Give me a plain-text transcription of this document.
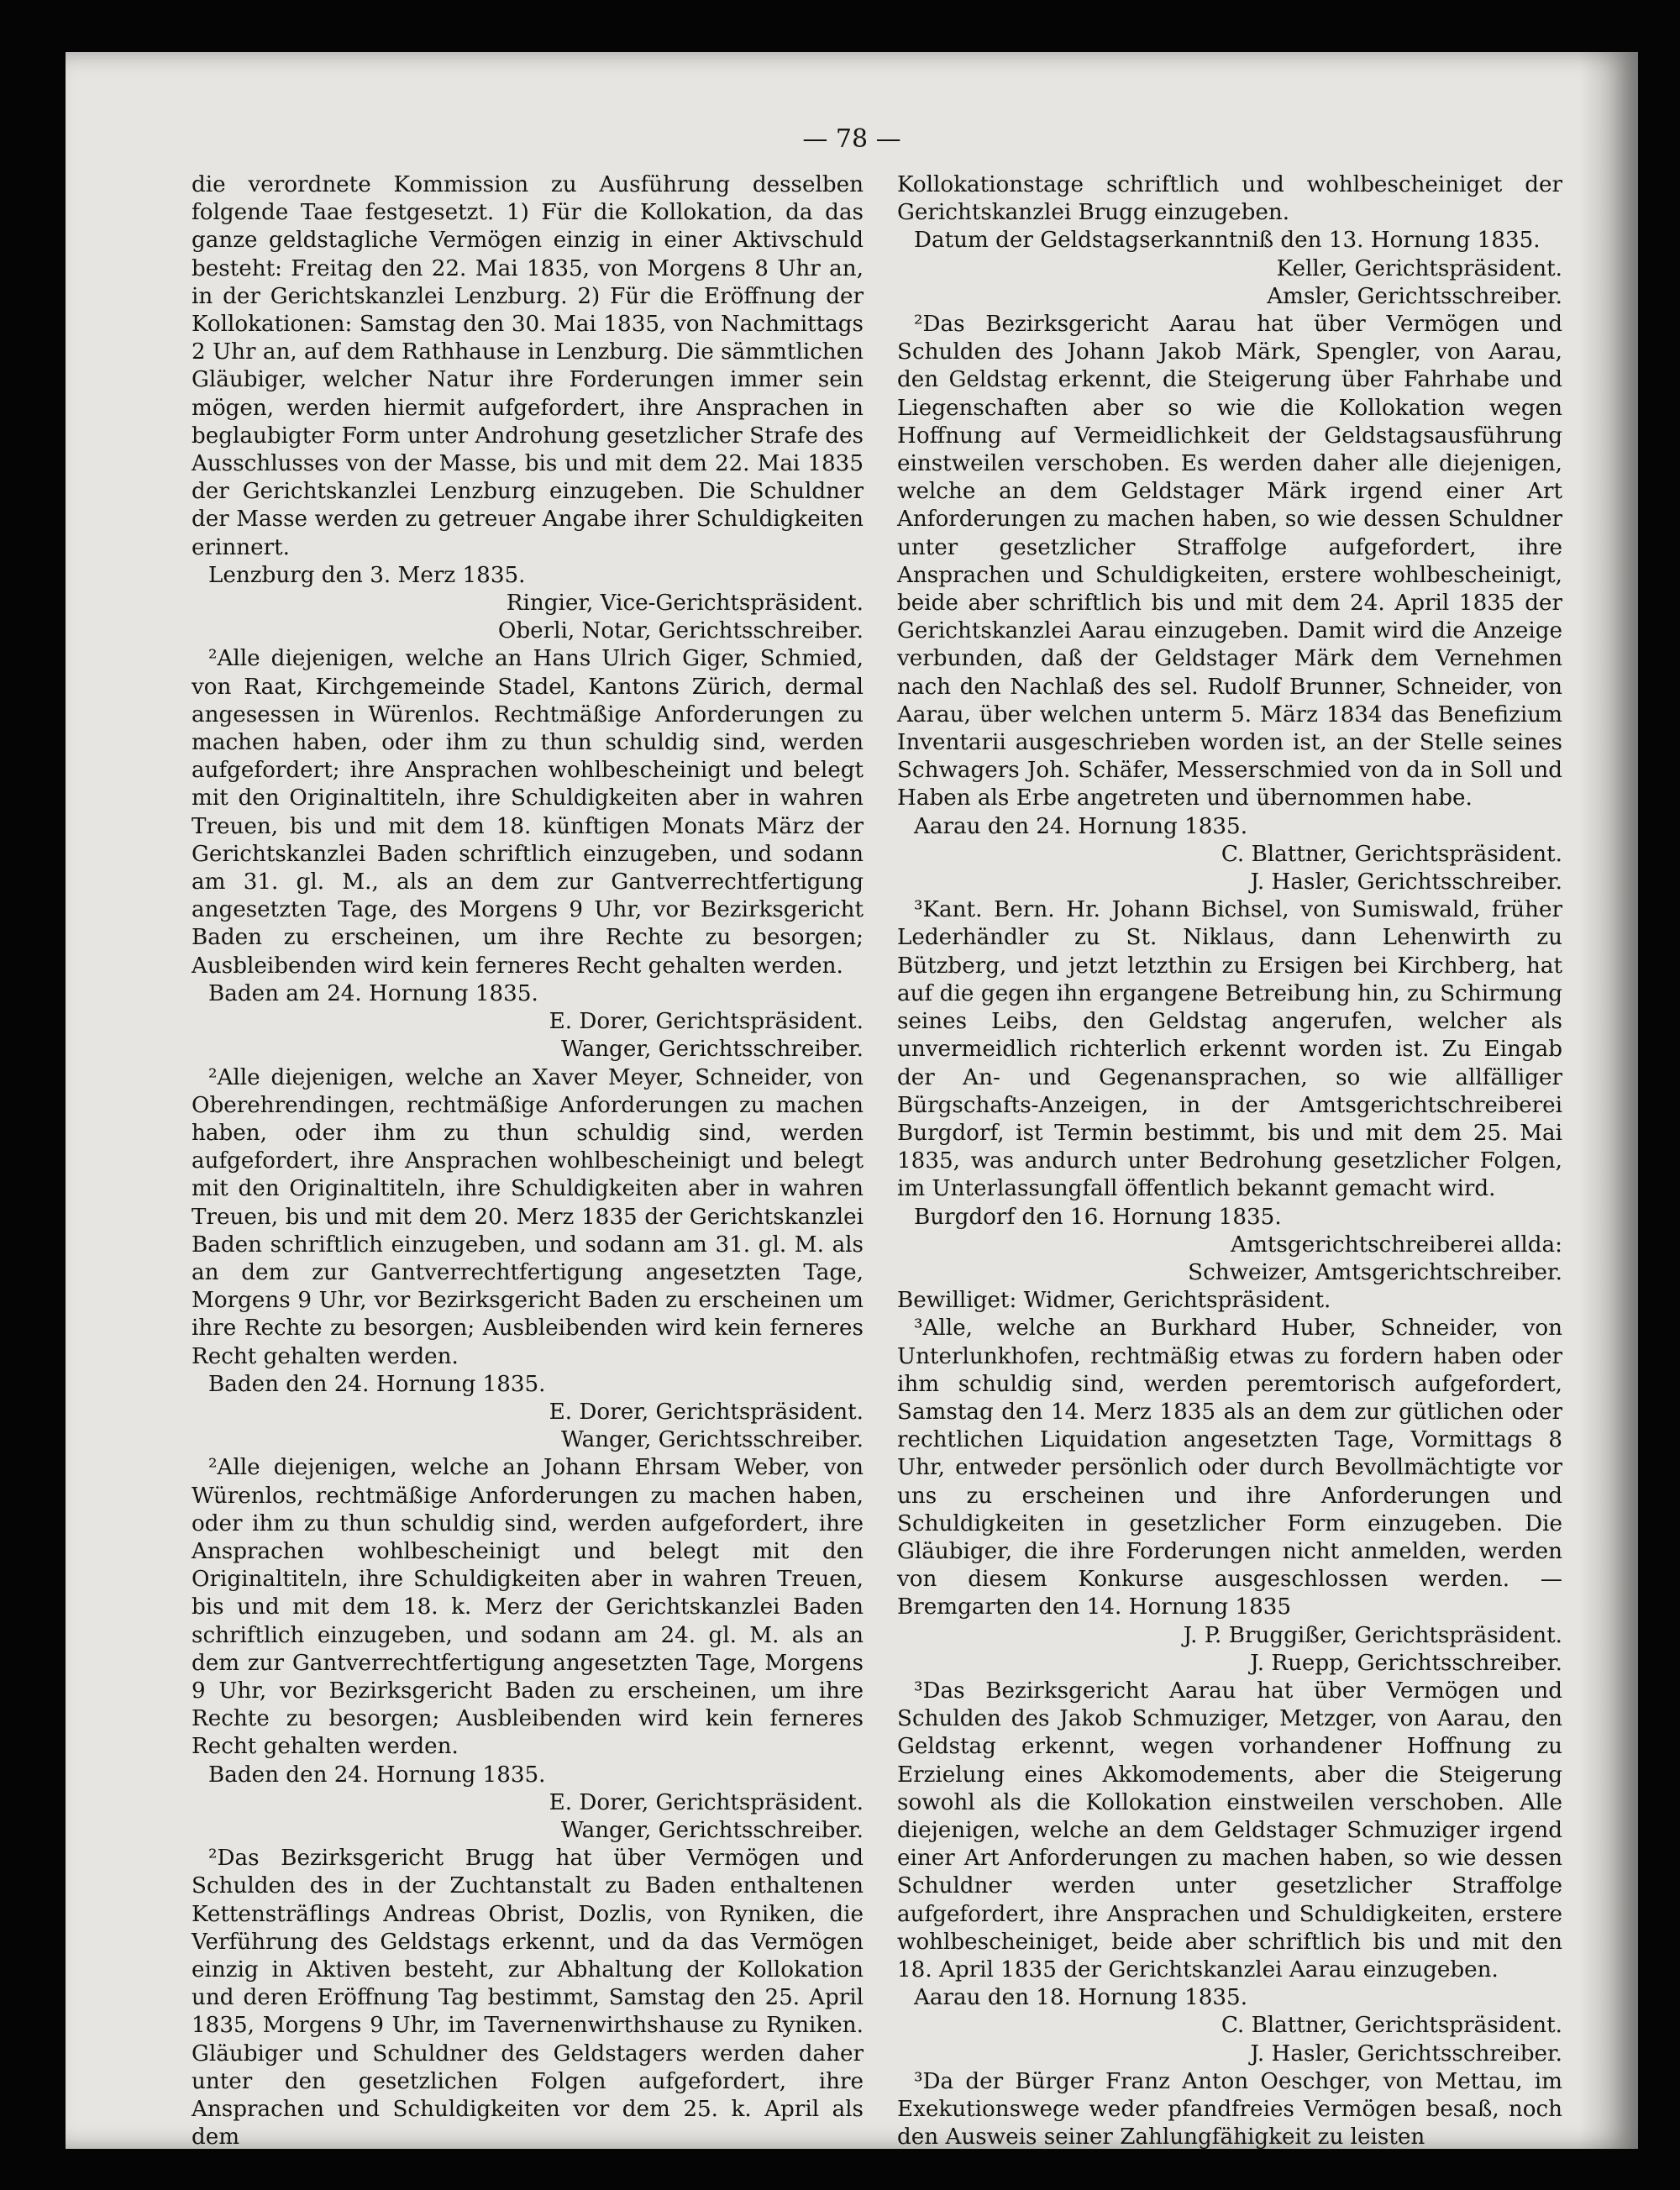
— 78 —
die verordnete Kommission zu Ausführung desselben folgende Taae festgesetzt. 1) Für die Kollokation, da das ganze geldstagliche Vermögen einzig in einer Aktivschuld besteht: Freitag den 22. Mai 1835, von Morgens 8 Uhr an, in der Gerichtskanzlei Lenzburg. 2) Für die Eröffnung der Kollokationen: Samstag den 30. Mai 1835, von Nachmittags 2 Uhr an, auf dem Rathhause in Lenzburg. Die sämmtlichen Gläubiger, welcher Natur ihre Forderungen immer sein mögen, werden hiermit aufgefordert, ihre Ansprachen in beglaubigter Form unter Androhung gesetzlicher Strafe des Ausschlusses von der Masse, bis und mit dem 22. Mai 1835 der Gerichtskanzlei Lenzburg einzugeben. Die Schuldner der Masse werden zu getreuer Angabe ihrer Schuldigkeiten erinnert.
Lenzburg den 3. Merz 1835.
Ringier, Vice-Gerichtspräsident.
Oberli, Notar, Gerichtsschreiber.
²Alle diejenigen, welche an Hans Ulrich Giger, Schmied, von Raat, Kirchgemeinde Stadel, Kantons Zürich, dermal angesessen in Würenlos. Rechtmäßige Anforderungen zu machen haben, oder ihm zu thun schuldig sind, werden aufgefordert; ihre Ansprachen wohlbescheinigt und belegt mit den Originaltiteln, ihre Schuldigkeiten aber in wahren Treuen, bis und mit dem 18. künftigen Monats März der Gerichtskanzlei Baden schriftlich einzugeben, und sodann am 31. gl. M., als an dem zur Gantverrechtfertigung angesetzten Tage, des Morgens 9 Uhr, vor Bezirksgericht Baden zu erscheinen, um ihre Rechte zu besorgen; Ausbleibenden wird kein ferneres Recht gehalten werden.
Baden am 24. Hornung 1835.
E. Dorer, Gerichtspräsident.
Wanger, Gerichtsschreiber.
²Alle diejenigen, welche an Xaver Meyer, Schneider, von Oberehrendingen, rechtmäßige Anforderungen zu machen haben, oder ihm zu thun schuldig sind, werden aufgefordert, ihre Ansprachen wohlbescheinigt und belegt mit den Originaltiteln, ihre Schuldigkeiten aber in wahren Treuen, bis und mit dem 20. Merz 1835 der Gerichtskanzlei Baden schriftlich einzugeben, und sodann am 31. gl. M. als an dem zur Gantverrechtfertigung angesetzten Tage, Morgens 9 Uhr, vor Bezirksgericht Baden zu erscheinen um ihre Rechte zu besorgen; Ausbleibenden wird kein ferneres Recht gehalten werden.
Baden den 24. Hornung 1835.
E. Dorer, Gerichtspräsident.
Wanger, Gerichtsschreiber.
²Alle diejenigen, welche an Johann Ehrsam Weber, von Würenlos, rechtmäßige Anforderungen zu machen haben, oder ihm zu thun schuldig sind, werden aufgefordert, ihre Ansprachen wohlbescheinigt und belegt mit den Originaltiteln, ihre Schuldigkeiten aber in wahren Treuen, bis und mit dem 18. k. Merz der Gerichtskanzlei Baden schriftlich einzugeben, und sodann am 24. gl. M. als an dem zur Gantverrechtfertigung angesetzten Tage, Morgens 9 Uhr, vor Bezirksgericht Baden zu erscheinen, um ihre Rechte zu besorgen; Ausbleibenden wird kein ferneres Recht gehalten werden.
Baden den 24. Hornung 1835.
E. Dorer, Gerichtspräsident.
Wanger, Gerichtsschreiber.
²Das Bezirksgericht Brugg hat über Vermögen und Schulden des in der Zuchtanstalt zu Baden enthaltenen Kettensträflings Andreas Obrist, Dozlis, von Ryniken, die Verführung des Geldstags erkennt, und da das Vermögen einzig in Aktiven besteht, zur Abhaltung der Kollokation und deren Eröffnung Tag bestimmt, Samstag den 25. April 1835, Morgens 9 Uhr, im Tavernenwirthshause zu Ryniken. Gläubiger und Schuldner des Geldstagers werden daher unter den gesetzlichen Folgen aufgefordert, ihre Ansprachen und Schuldigkeiten vor dem 25. k. April als dem
Kollokationstage schriftlich und wohlbescheiniget der Gerichtskanzlei Brugg einzugeben.
Datum der Geldstagserkanntniß den 13. Hornung 1835.
Keller, Gerichtspräsident.
Amsler, Gerichtsschreiber.
²Das Bezirksgericht Aarau hat über Vermögen und Schulden des Johann Jakob Märk, Spengler, von Aarau, den Geldstag erkennt, die Steigerung über Fahrhabe und Liegenschaften aber so wie die Kollokation wegen Hoffnung auf Vermeidlichkeit der Geldstagsausführung einstweilen verschoben. Es werden daher alle diejenigen, welche an dem Geldstager Märk irgend einer Art Anforderungen zu machen haben, so wie dessen Schuldner unter gesetzlicher Straffolge aufgefordert, ihre Ansprachen und Schuldigkeiten, erstere wohlbescheinigt, beide aber schriftlich bis und mit dem 24. April 1835 der Gerichtskanzlei Aarau einzugeben. Damit wird die Anzeige verbunden, daß der Geldstager Märk dem Vernehmen nach den Nachlaß des sel. Rudolf Brunner, Schneider, von Aarau, über welchen unterm 5. März 1834 das Benefizium Inventarii ausgeschrieben worden ist, an der Stelle seines Schwagers Joh. Schäfer, Messerschmied von da in Soll und Haben als Erbe angetreten und übernommen habe.
Aarau den 24. Hornung 1835.
C. Blattner, Gerichtspräsident.
J. Hasler, Gerichtsschreiber.
³Kant. Bern. Hr. Johann Bichsel, von Sumiswald, früher Lederhändler zu St. Niklaus, dann Lehenwirth zu Bützberg, und jetzt letzthin zu Ersigen bei Kirchberg, hat auf die gegen ihn ergangene Betreibung hin, zu Schirmung seines Leibs, den Geldstag angerufen, welcher als unvermeidlich richterlich erkennt worden ist. Zu Eingab der An- und Gegenansprachen, so wie allfälliger Bürgschafts-Anzeigen, in der Amtsgerichtschreiberei Burgdorf, ist Termin bestimmt, bis und mit dem 25. Mai 1835, was andurch unter Bedrohung gesetzlicher Folgen, im Unterlassungfall öffentlich bekannt gemacht wird.
Burgdorf den 16. Hornung 1835.
Amtsgerichtschreiberei allda:
Schweizer, Amtsgerichtschreiber.
Bewilliget: Widmer, Gerichtspräsident.
³Alle, welche an Burkhard Huber, Schneider, von Unterlunkhofen, rechtmäßig etwas zu fordern haben oder ihm schuldig sind, werden peremtorisch aufgefordert, Samstag den 14. Merz 1835 als an dem zur gütlichen oder rechtlichen Liquidation angesetzten Tage, Vormittags 8 Uhr, entweder persönlich oder durch Bevollmächtigte vor uns zu erscheinen und ihre Anforderungen und Schuldigkeiten in gesetzlicher Form einzugeben. Die Gläubiger, die ihre Forderungen nicht anmelden, werden von diesem Konkurse ausgeschlossen werden. — Bremgarten den 14. Hornung 1835
J. P. Bruggißer, Gerichtspräsident.
J. Ruepp, Gerichtsschreiber.
³Das Bezirksgericht Aarau hat über Vermögen und Schulden des Jakob Schmuziger, Metzger, von Aarau, den Geldstag erkennt, wegen vorhandener Hoffnung zu Erzielung eines Akkomodements, aber die Steigerung sowohl als die Kollokation einstweilen verschoben. Alle diejenigen, welche an dem Geldstager Schmuziger irgend einer Art Anforderungen zu machen haben, so wie dessen Schuldner werden unter gesetzlicher Straffolge aufgefordert, ihre Ansprachen und Schuldigkeiten, erstere wohlbescheiniget, beide aber schriftlich bis und mit den 18. April 1835 der Gerichtskanzlei Aarau einzugeben.
Aarau den 18. Hornung 1835.
C. Blattner, Gerichtspräsident.
J. Hasler, Gerichtsschreiber.
³Da der Bürger Franz Anton Oeschger, von Mettau, im Exekutionswege weder pfandfreies Vermögen besaß, noch den Ausweis seiner Zahlungfähigkeit zu leisten
